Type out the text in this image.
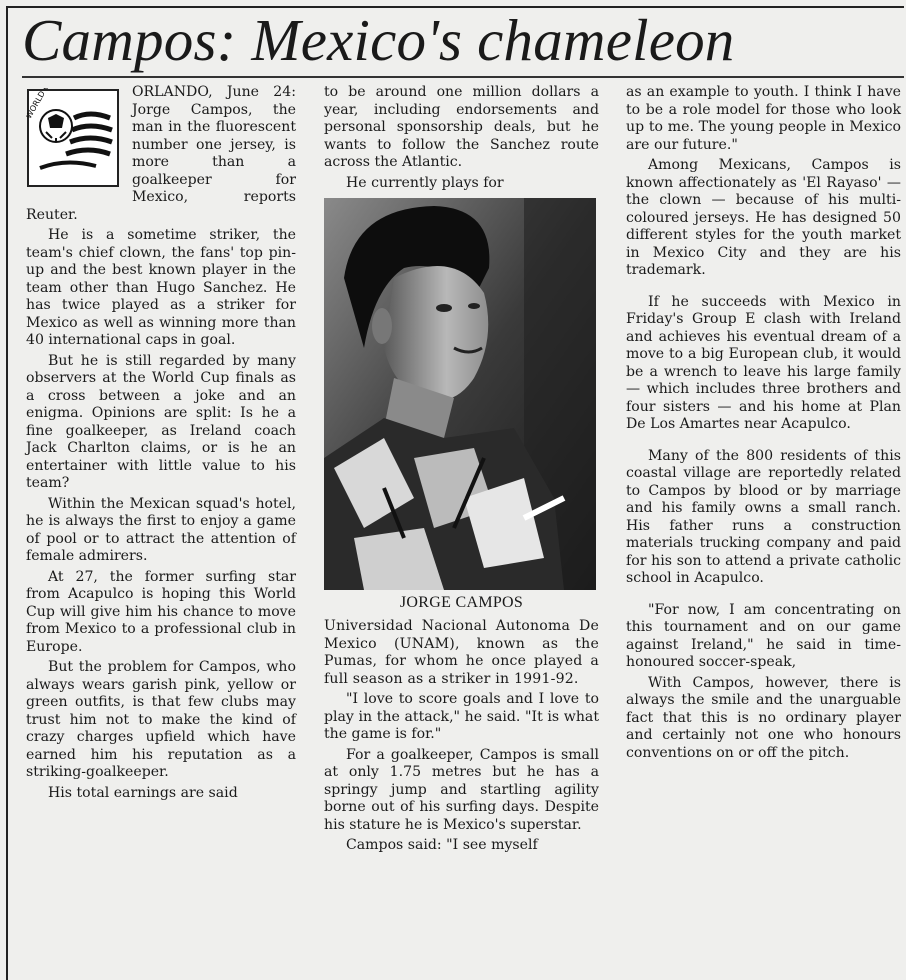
Campos: Mexico's chameleon
WORLD	ORLANDO, June 24: Jorge Campos, the man in the fluorescent number one jersey, is more than a goalkeeper for Mexico, reports Reuter.

He is a sometime striker, the team's chief clown, the fans' top pin-up and the best known player in the team other than Hugo Sanchez. He has twice played as a striker for Mexico as well as winning more than 40 international caps in goal.

But he is still regarded by many observers at the World Cup finals as a cross between a joke and an enigma. Opinions are split: Is he a fine goalkeeper, as Ireland coach Jack Charlton claims, or is he an entertainer with little value to his team?

Within the Mexican squad's hotel, he is always the first to enjoy a game of pool or to attract the attention of female admirers.

At 27, the former surfing star from Acapulco is hoping this World Cup will give him his chance to move from Mexico to a professional club in Europe.

But the problem for Campos, who always wears garish pink, yellow or green outfits, is that few clubs may trust him not to make the kind of crazy charges upfield which have earned him his reputation as a striking-goalkeeper.

His total earnings are said

to be around one million dollars a year, including endorsements and personal sponsorship deals, but he wants to follow the Sanchez route across the Atlantic.

He currently plays for

JORGE CAMPOS

Universidad Nacional Autonoma De Mexico (UNAM), known as the Pumas, for whom he once played a full season as a striker in 1991-92.

"I love to score goals and I love to play in the attack," he said. "It is what the game is for."

For a goalkeeper, Campos is small at only 1.75 metres but he has a springy jump and startling agility borne out of his surfing days. Despite his stature he is Mexico's superstar.

Campos said: "I see myself

as an example to youth. I think I have to be a role model for those who look up to me. The young people in Mexico are our future."

Among Mexicans, Campos is known affectionately as 'El Rayaso' — the clown — because of his multi-coloured jerseys. He has designed 50 different styles for the youth market in Mexico City and they are his trademark.

If he succeeds with Mexico in Friday's Group E clash with Ireland and achieves his eventual dream of a move to a big European club, it would be a wrench to leave his large family — which includes three brothers and four sisters — and his home at Plan De Los Amartes near Acapulco.

Many of the 800 residents of this coastal village are reportedly related to Campos by blood or by marriage and his family owns a small ranch. His father runs a construction materials trucking company and paid for his son to attend a private catholic school in Acapulco.

"For now, I am concentrating on this tournament and on our game against Ireland," he said in time-honoured soccer-speak,

With Campos, however, there is always the smile and the unarguable fact that this is no ordinary player and certainly not one who honours conventions on or off the pitch.
